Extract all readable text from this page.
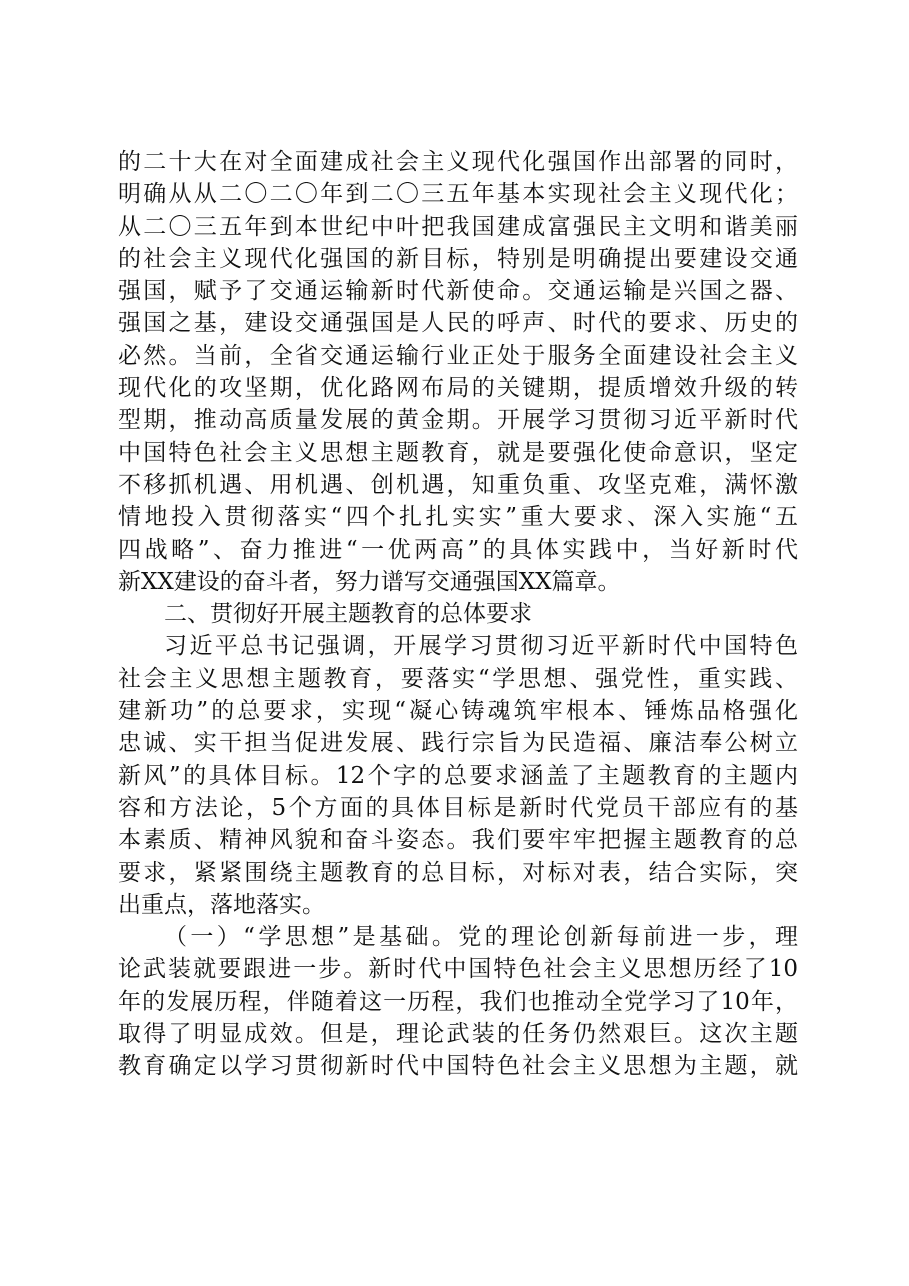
的二十大在对全面建成社会主义现代化强国作出部署的同时，
明确从从二〇二〇年到二〇三五年基本实现社会主义现代化；
从二〇三五年到本世纪中叶把我国建成富强民主文明和谐美丽
的社会主义现代化强国的新目标，特别是明确提出要建设交通
强国，赋予了交通运输新时代新使命。交通运输是兴国之器、
强国之基，建设交通强国是人民的呼声、时代的要求、历史的
必然。当前，全省交通运输行业正处于服务全面建设社会主义
现代化的攻坚期，优化路网布局的关键期，提质增效升级的转
型期，推动高质量发展的黄金期。开展学习贯彻习近平新时代
中国特色社会主义思想主题教育，就是要强化使命意识，坚定
不移抓机遇、用机遇、创机遇，知重负重、攻坚克难，满怀激
情地投入贯彻落实“四个扎扎实实”重大要求、深入实施“五
四战略”、奋力推进“一优两高”的具体实践中，当好新时代
新XX建设的奋斗者，努力谱写交通强国XX篇章。
二、贯彻好开展主题教育的总体要求
习近平总书记强调，开展学习贯彻习近平新时代中国特色
社会主义思想主题教育，要落实“学思想、强党性，重实践、
建新功”的总要求，实现“凝心铸魂筑牢根本、锤炼品格强化
忠诚、实干担当促进发展、践行宗旨为民造福、廉洁奉公树立
新风”的具体目标。12个字的总要求涵盖了主题教育的主题内
容和方法论，5个方面的具体目标是新时代党员干部应有的基
本素质、精神风貌和奋斗姿态。我们要牢牢把握主题教育的总
要求，紧紧围绕主题教育的总目标，对标对表，结合实际，突
出重点，落地落实。
（一）“学思想”是基础。党的理论创新每前进一步，理
论武装就要跟进一步。新时代中国特色社会主义思想历经了10
年的发展历程，伴随着这一历程，我们也推动全党学习了10年，
取得了明显成效。但是，理论武装的任务仍然艰巨。这次主题
教育确定以学习贯彻新时代中国特色社会主义思想为主题，就
